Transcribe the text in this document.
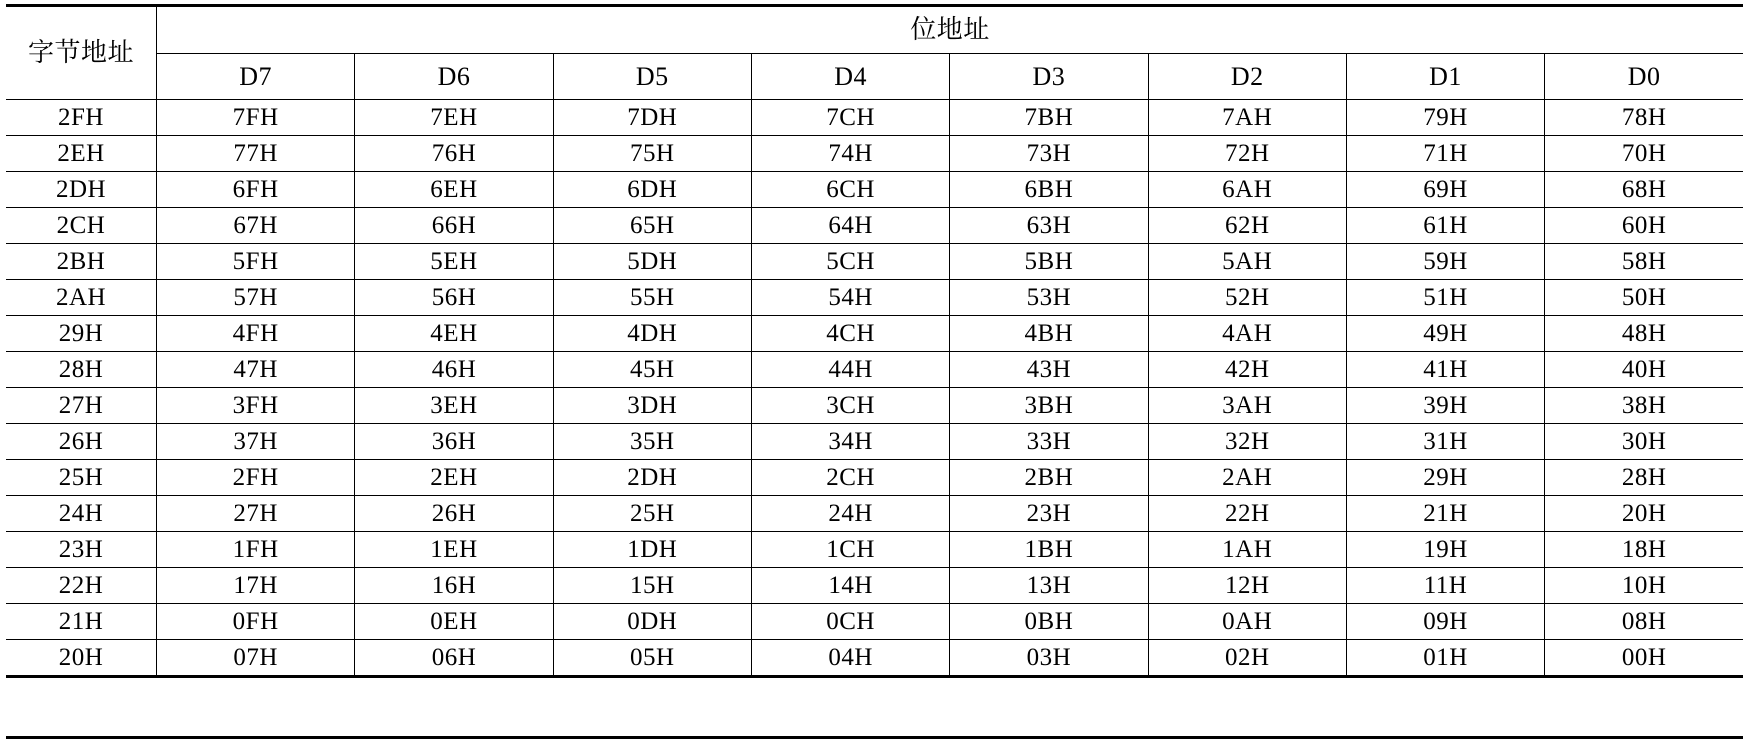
字节地址	位地址							
	D7	D6	D5	D4	D3	D2	D1	D0
2FH	7FH	7EH	7DH	7CH	7BH	7AH	79H	78H
2EH	77H	76H	75H	74H	73H	72H	71H	70H
2DH	6FH	6EH	6DH	6CH	6BH	6AH	69H	68H
2CH	67H	66H	65H	64H	63H	62H	61H	60H
2BH	5FH	5EH	5DH	5CH	5BH	5AH	59H	58H
2AH	57H	56H	55H	54H	53H	52H	51H	50H
29H	4FH	4EH	4DH	4CH	4BH	4AH	49H	48H
28H	47H	46H	45H	44H	43H	42H	41H	40H
27H	3FH	3EH	3DH	3CH	3BH	3AH	39H	38H
26H	37H	36H	35H	34H	33H	32H	31H	30H
25H	2FH	2EH	2DH	2CH	2BH	2AH	29H	28H
24H	27H	26H	25H	24H	23H	22H	21H	20H
23H	1FH	1EH	1DH	1CH	1BH	1AH	19H	18H
22H	17H	16H	15H	14H	13H	12H	11H	10H
21H	0FH	0EH	0DH	0CH	0BH	0AH	09H	08H
20H	07H	06H	05H	04H	03H	02H	01H	00H
